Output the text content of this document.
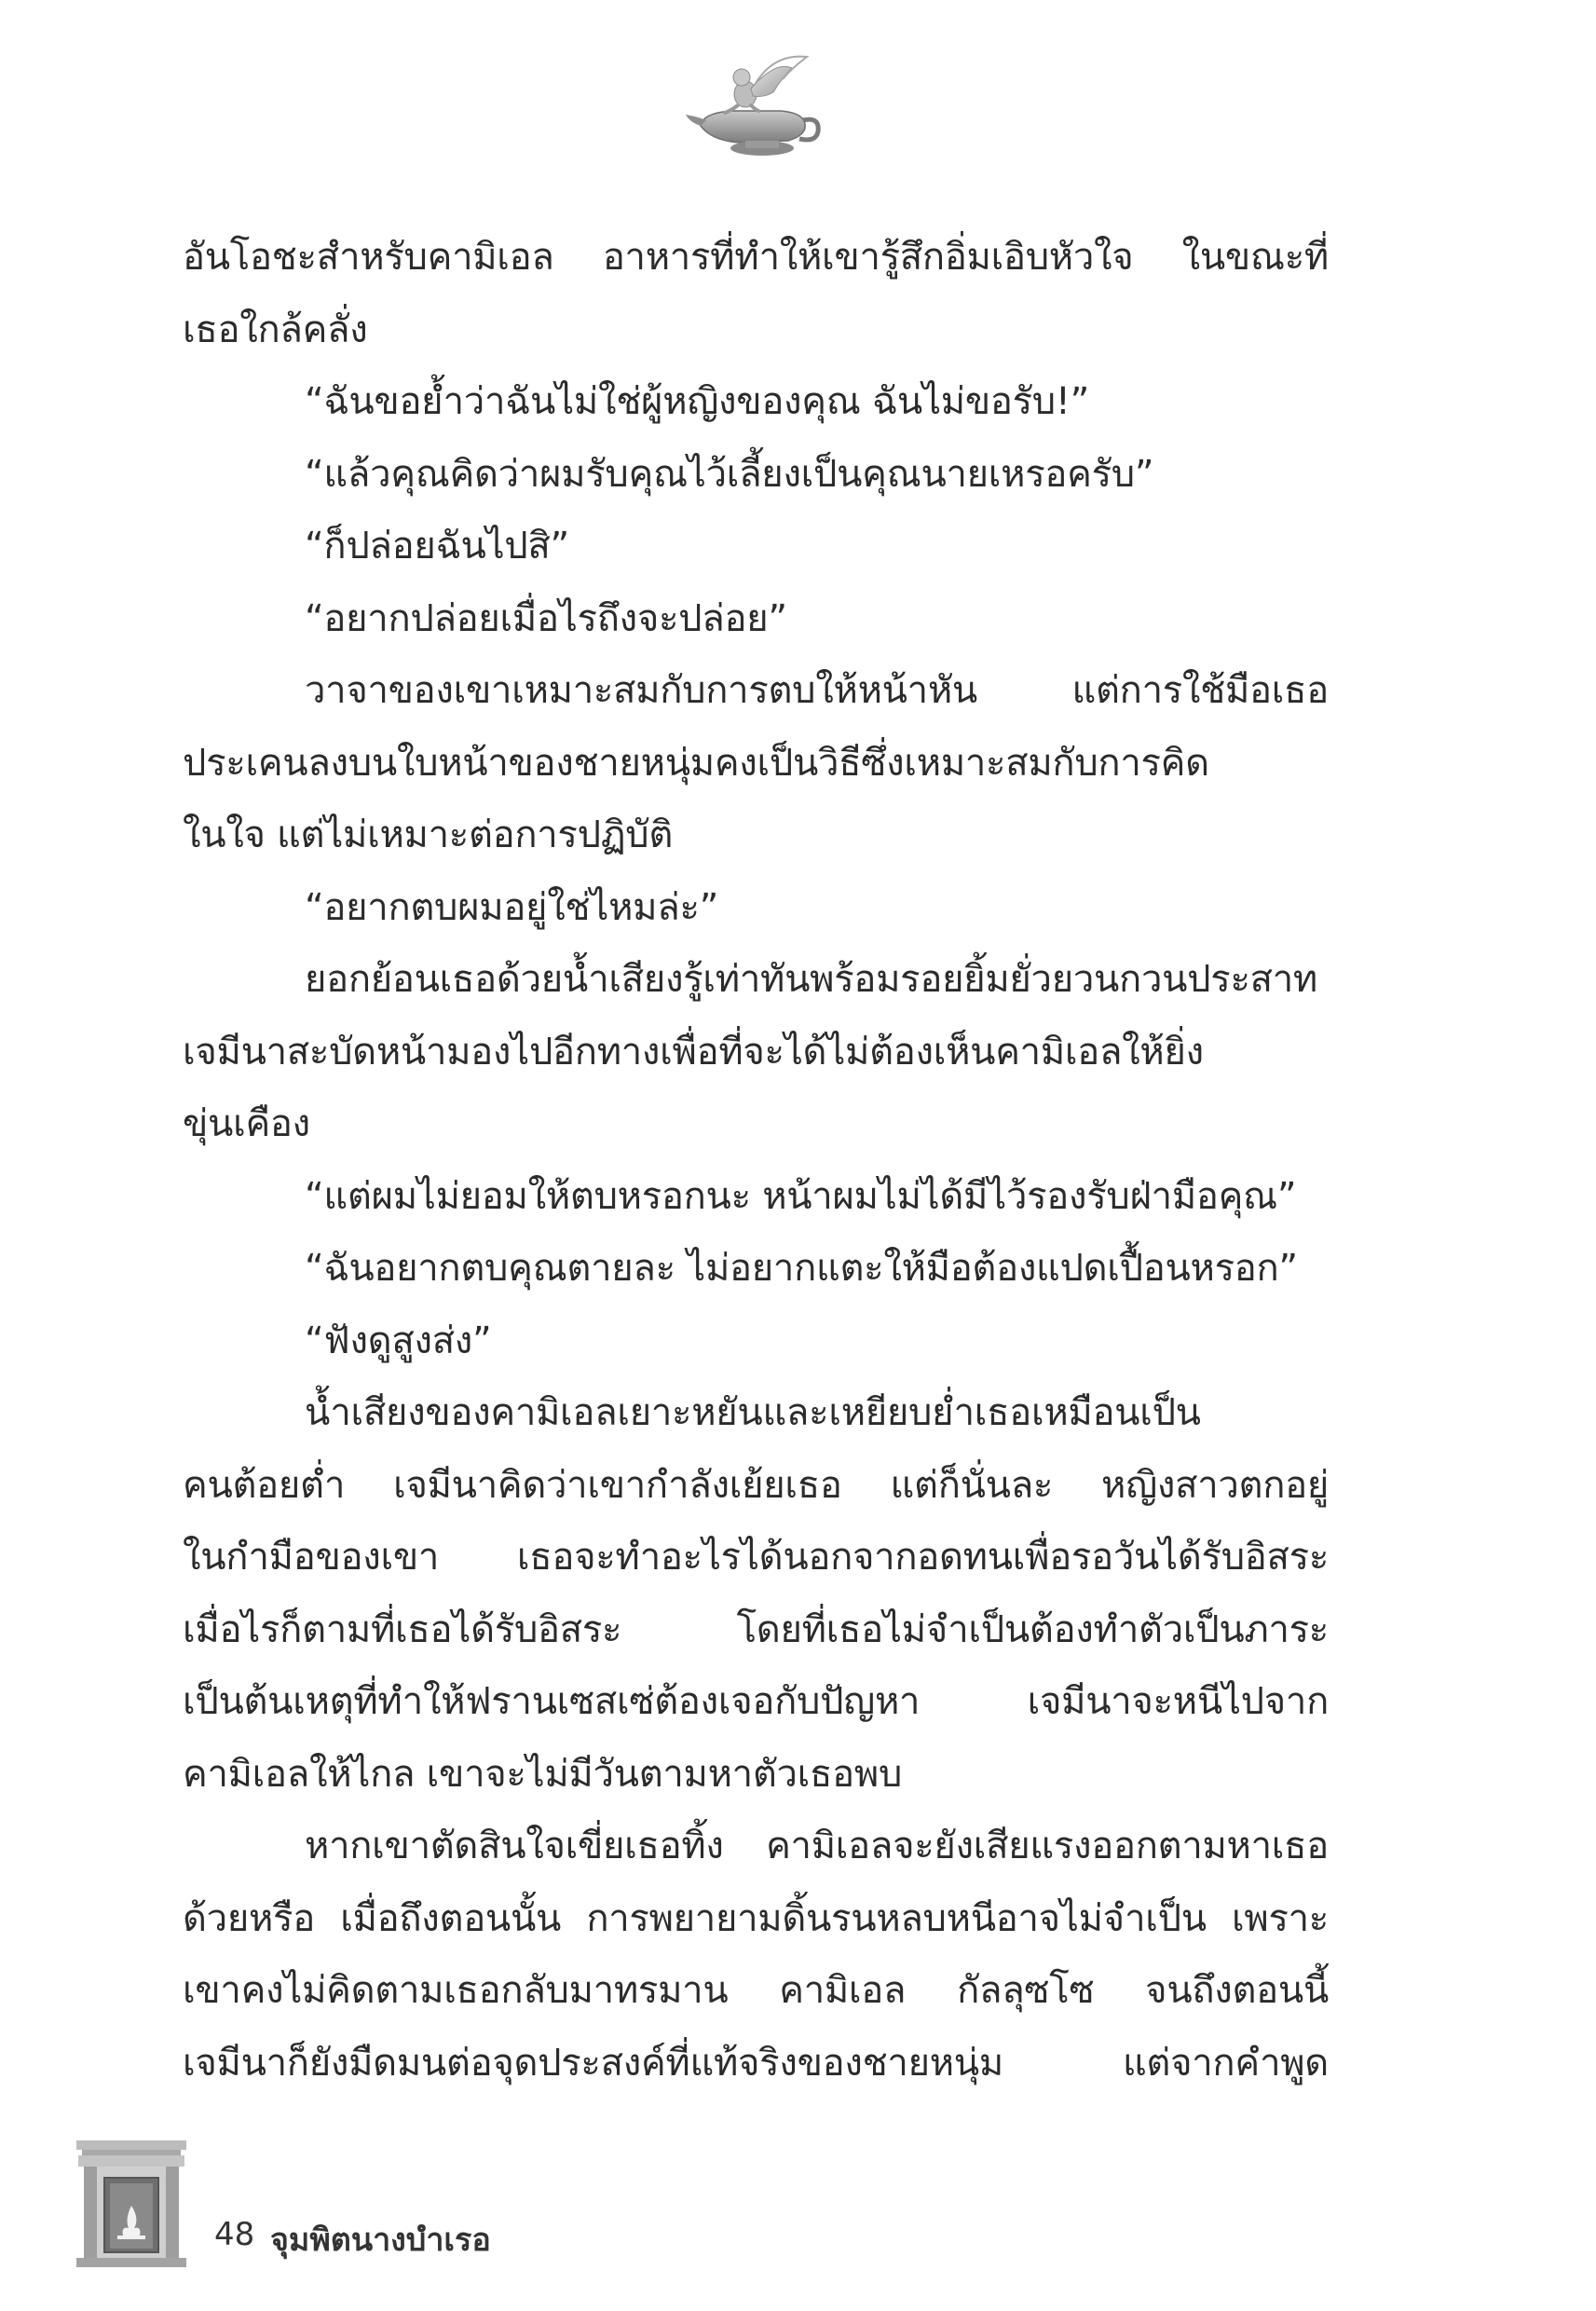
อันโอชะสำหรับคามิเอล อาหารที่ทำให้เขารู้สึกอิ่มเอิบหัวใจ ในขณะที่

เธอใกล้คลั่ง

“ฉันขอย้ำว่าฉันไม่ใช่ผู้หญิงของคุณ ฉันไม่ขอรับ!”

“แล้วคุณคิดว่าผมรับคุณไว้เลี้ยงเป็นคุณนายเหรอครับ”

“ก็ปล่อยฉันไปสิ”

“อยากปล่อยเมื่อไรถึงจะปล่อย”

วาจาของเขาเหมาะสมกับการตบให้หน้าหัน แต่การใช้มือเธอ

ประเคนลงบนใบหน้าของชายหนุ่มคงเป็นวิธีซึ่งเหมาะสมกับการคิด

ในใจ แต่ไม่เหมาะต่อการปฏิบัติ

“อยากตบผมอยู่ใช่ไหมล่ะ”

ยอกย้อนเธอด้วยน้ำเสียงรู้เท่าทันพร้อมรอยยิ้มยั่วยวนกวนประสาท

เจมีนาสะบัดหน้ามองไปอีกทางเพื่อที่จะได้ไม่ต้องเห็นคามิเอลให้ยิ่ง

ขุ่นเคือง

“แต่ผมไม่ยอมให้ตบหรอกนะ หน้าผมไม่ได้มีไว้รองรับฝ่ามือคุณ”

“ฉันอยากตบคุณตายละ ไม่อยากแตะให้มือต้องแปดเปื้อนหรอก”

“ฟังดูสูงส่ง”

น้ำเสียงของคามิเอลเยาะหยันและเหยียบย่ำเธอเหมือนเป็น

คนต้อยต่ำ เจมีนาคิดว่าเขากำลังเย้ยเธอ แต่ก็นั่นละ หญิงสาวตกอยู่

ในกำมือของเขา เธอจะทำอะไรได้นอกจากอดทนเพื่อรอวันได้รับอิสระ

เมื่อไรก็ตามที่เธอได้รับอิสระ โดยที่เธอไม่จำเป็นต้องทำตัวเป็นภาระ

เป็นต้นเหตุที่ทำให้ฟรานเซสเซ่ต้องเจอกับปัญหา เจมีนาจะหนีไปจาก

คามิเอลให้ไกล เขาจะไม่มีวันตามหาตัวเธอพบ

หากเขาตัดสินใจเขี่ยเธอทิ้ง คามิเอลจะยังเสียแรงออกตามหาเธอ

ด้วยหรือ เมื่อถึงตอนนั้น การพยายามดิ้นรนหลบหนีอาจไม่จำเป็น เพราะ

เขาคงไม่คิดตามเธอกลับมาทรมาน คามิเอล กัลลุซโซ จนถึงตอนนี้

เจมีนาก็ยังมืดมนต่อจุดประสงค์ที่แท้จริงของชายหนุ่ม แต่จากคำพูด

48 จุมพิตนางบำเรอ
